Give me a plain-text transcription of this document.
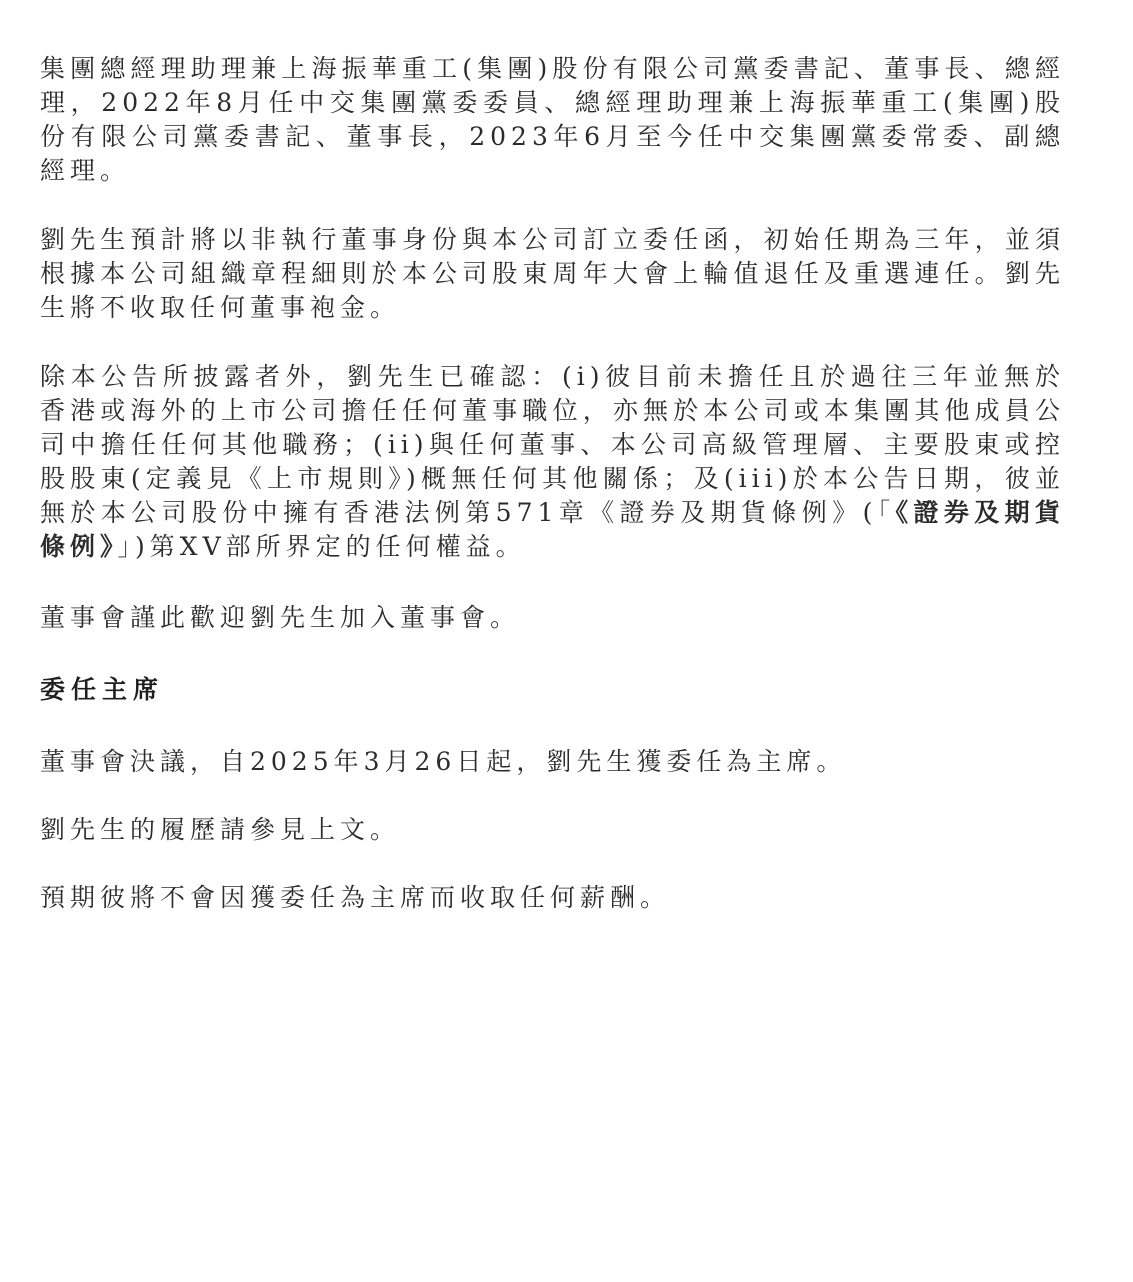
集團總經理助理兼上海振華重工(集團)股份有限公司黨委書記、董事長、總經理，2022年8月任中交集團黨委委員、總經理助理兼上海振華重工(集團)股份有限公司黨委書記、董事長，2023年6月至今任中交集團黨委常委、副總經理。

劉先生預計將以非執行董事身份與本公司訂立委任函，初始任期為三年，並須根據本公司組織章程細則於本公司股東周年大會上輪值退任及重選連任。劉先生將不收取任何董事袍金。

除本公告所披露者外，劉先生已確認：(i)彼目前未擔任且於過往三年並無於香港或海外的上市公司擔任任何董事職位，亦無於本公司或本集團其他成員公司中擔任任何其他職務；(ii)與任何董事、本公司高級管理層、主要股東或控股股東(定義見《上市規則》)概無任何其他關係；及(iii)於本公告日期，彼並無於本公司股份中擁有香港法例第571章《證券及期貨條例》(「《證券及期貨條例》」)第XV部所界定的任何權益。

董事會謹此歡迎劉先生加入董事會。

委任主席

董事會決議，自2025年3月26日起，劉先生獲委任為主席。

劉先生的履歷請參見上文。

預期彼將不會因獲委任為主席而收取任何薪酬。
